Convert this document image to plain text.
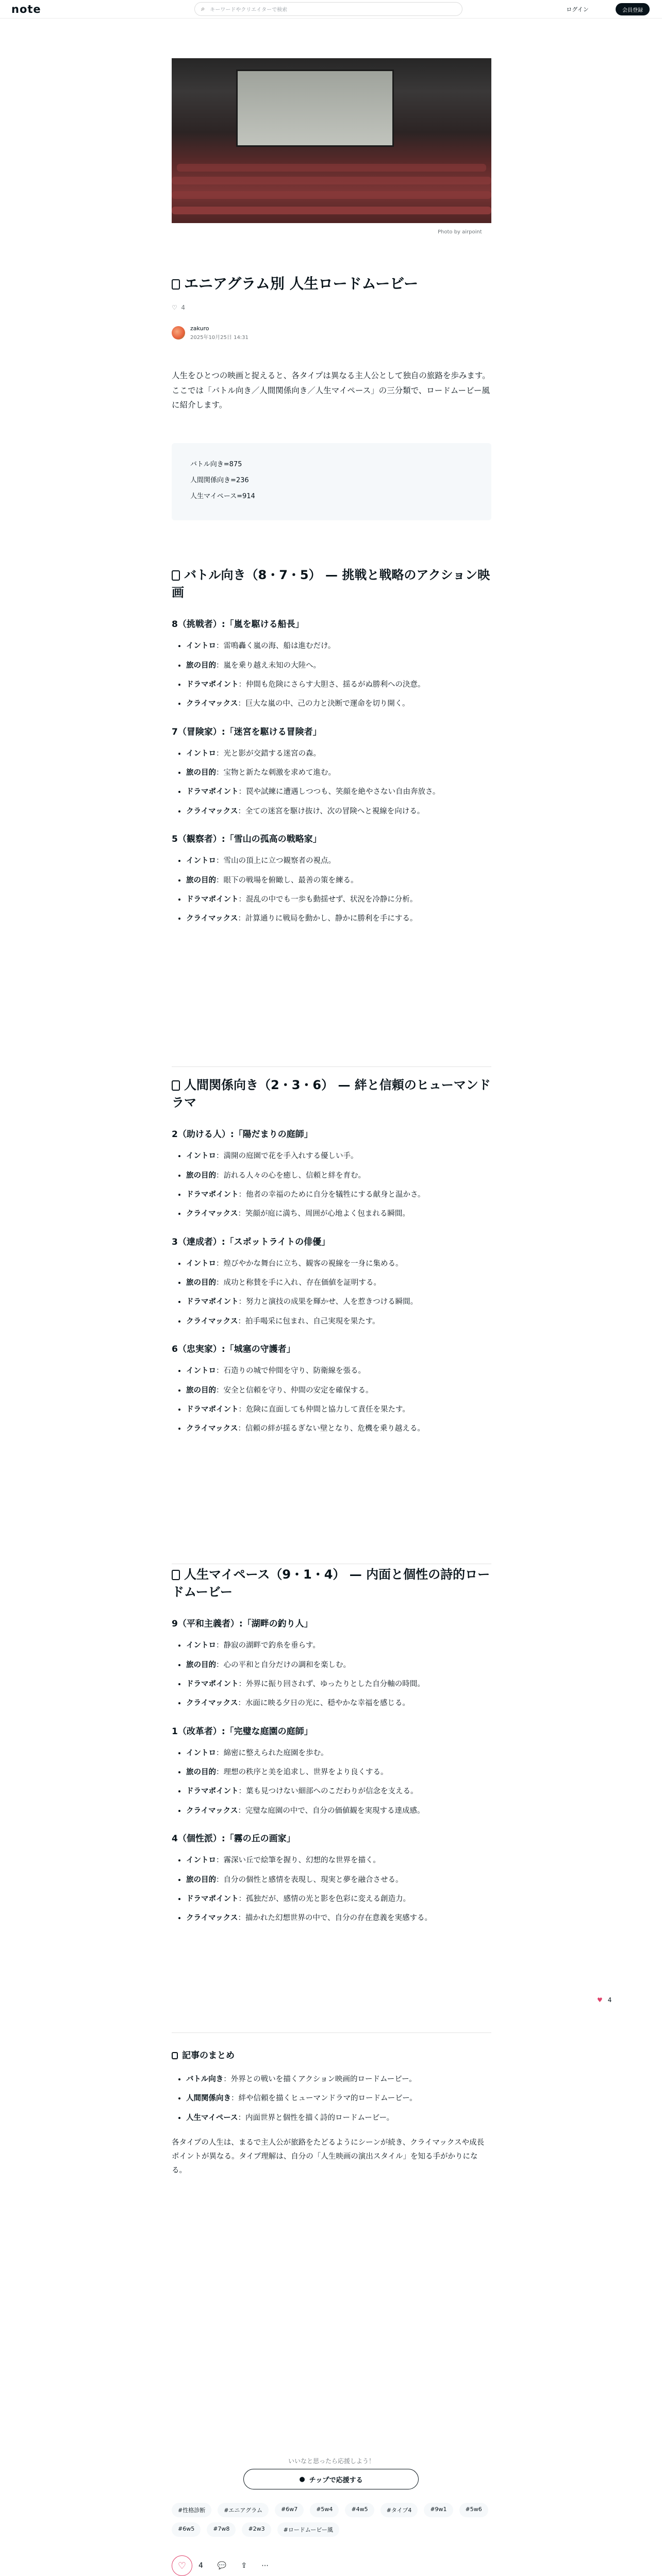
note	⌕ キーワードやクリエイターで検索	ログイン	会員登録
Photo by airpoint
エニアグラム別 人生ロードムービー
♡  4
zakuro
2025年10月25日 14:31
人生をひとつの映画と捉えると、各タイプは異なる主人公として独自の旅路を歩みます。ここでは「バトル向き／人間関係向き／人生マイペース」の三分類で、ロードムービー風に紹介します。
バトル向き=875
人間関係向き=236
人生マイペース=914
バトル向き（8・7・5） — 挑戦と戦略のアクション映画
8（挑戦者）:「嵐を駆ける船長」
• イントロ：雷鳴轟く嵐の海、船は進むだけ。
• 旅の目的：嵐を乗り越え未知の大陸へ。
• ドラマポイント：仲間も危険にさらす大胆さ、揺るがぬ勝利への決意。
• クライマックス：巨大な嵐の中、己の力と決断で運命を切り開く。
7（冒険家）:「迷宮を駆ける冒険者」
• イントロ：光と影が交錯する迷宮の森。
• 旅の目的：宝物と新たな刺激を求めて進む。
• ドラマポイント：罠や試練に遭遇しつつも、笑顔を絶やさない自由奔放さ。
• クライマックス：全ての迷宮を駆け抜け、次の冒険へと視線を向ける。
5（観察者）:「雪山の孤高の戦略家」
• イントロ：雪山の頂上に立つ観察者の視点。
• 旅の目的：眼下の戦場を俯瞰し、最善の策を練る。
• ドラマポイント：混乱の中でも一歩も動揺せず、状況を冷静に分析。
• クライマックス：計算通りに戦局を動かし、静かに勝利を手にする。
人間関係向き（2・3・6） — 絆と信頼のヒューマンドラマ
2（助ける人）:「陽だまりの庭師」
• イントロ：満開の庭園で花を手入れする優しい手。
• 旅の目的：訪れる人々の心を癒し、信頼と絆を育む。
• ドラマポイント：他者の幸福のために自分を犠牲にする献身と温かさ。
• クライマックス：笑顔が庭に満ち、周囲が心地よく包まれる瞬間。
3（達成者）:「スポットライトの俳優」
• イントロ：煌びやかな舞台に立ち、観客の視線を一身に集める。
• 旅の目的：成功と称賛を手に入れ、存在価値を証明する。
• ドラマポイント：努力と演技の成果を輝かせ、人を惹きつける瞬間。
• クライマックス：拍手喝采に包まれ、自己実現を果たす。
6（忠実家）:「城塞の守護者」
• イントロ：石造りの城で仲間を守り、防衛線を張る。
• 旅の目的：安全と信頼を守り、仲間の安定を確保する。
• ドラマポイント：危険に直面しても仲間と協力して責任を果たす。
• クライマックス：信頼の絆が揺るぎない壁となり、危機を乗り越える。
人生マイペース（9・1・4） — 内面と個性の詩的ロードムービー
9（平和主義者）:「湖畔の釣り人」
• イントロ：静寂の湖畔で釣糸を垂らす。
• 旅の目的：心の平和と自分だけの調和を楽しむ。
• ドラマポイント：外界に振り回されず、ゆったりとした自分軸の時間。
• クライマックス：水面に映る夕日の光に、穏やかな幸福を感じる。
1（改革者）:「完璧な庭園の庭師」
• イントロ：綿密に整えられた庭園を歩む。
• 旅の目的：理想の秩序と美を追求し、世界をより良くする。
• ドラマポイント：葉も見つけない細部へのこだわりが信念を支える。
• クライマックス：完璧な庭園の中で、自分の価値観を実現する達成感。
4（個性派）:「霧の丘の画家」
• イントロ：霧深い丘で絵筆を握り、幻想的な世界を描く。
• 旅の目的：自分の個性と感情を表現し、現実と夢を融合させる。
• ドラマポイント：孤独だが、感情の光と影を色彩に変える創造力。
• クライマックス：描かれた幻想世界の中で、自分の存在意義を実感する。
♥ 4
記事のまとめ
• バトル向き：外界との戦いを描くアクション映画的ロードムービー。
• 人間関係向き：絆や信頼を描くヒューマンドラマ的ロードムービー。
• 人生マイペース：内面世界と個性を描く詩的ロードムービー。
各タイプの人生は、まるで主人公が旅路をたどるようにシーンが続き、クライマックスや成長ポイントが異なる。タイプ理解は、自分の「人生映画の演出スタイル」を知る手がかりになる。
いいなと思ったら応援しよう！
● チップで応援する
#性格診断	#エニアグラム	#6w7	#5w4	#4w5	#タイプ4	#9w1	#5w6
#6w5	#7w8	#2w3	#ロードムービー風
♡	4 💬 ⇪ ⋯
